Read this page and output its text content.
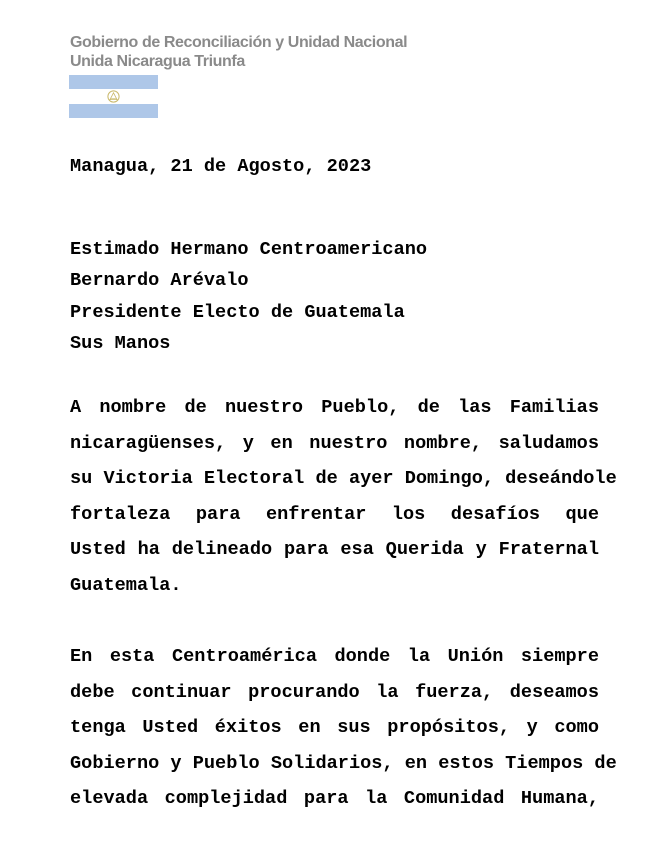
Gobierno de Reconciliación y Unidad Nacional
Unida Nicaragua Triunfa
Managua, 21 de Agosto, 2023
Estimado Hermano Centroamericano
Bernardo Arévalo
Presidente Electo de Guatemala
Sus Manos
A nombre de nuestro Pueblo, de las Familias
nicaragüenses, y en nuestro nombre, saludamos
su Victoria Electoral de ayer Domingo, deseándole
fortaleza para enfrentar los desafíos que
Usted ha delineado para esa Querida y Fraternal
Guatemala.
En esta Centroamérica donde la Unión siempre
debe continuar procurando la fuerza, deseamos
tenga Usted éxitos en sus propósitos, y como
Gobierno y Pueblo Solidarios, en estos Tiempos de
elevada complejidad para la Comunidad Humana,
